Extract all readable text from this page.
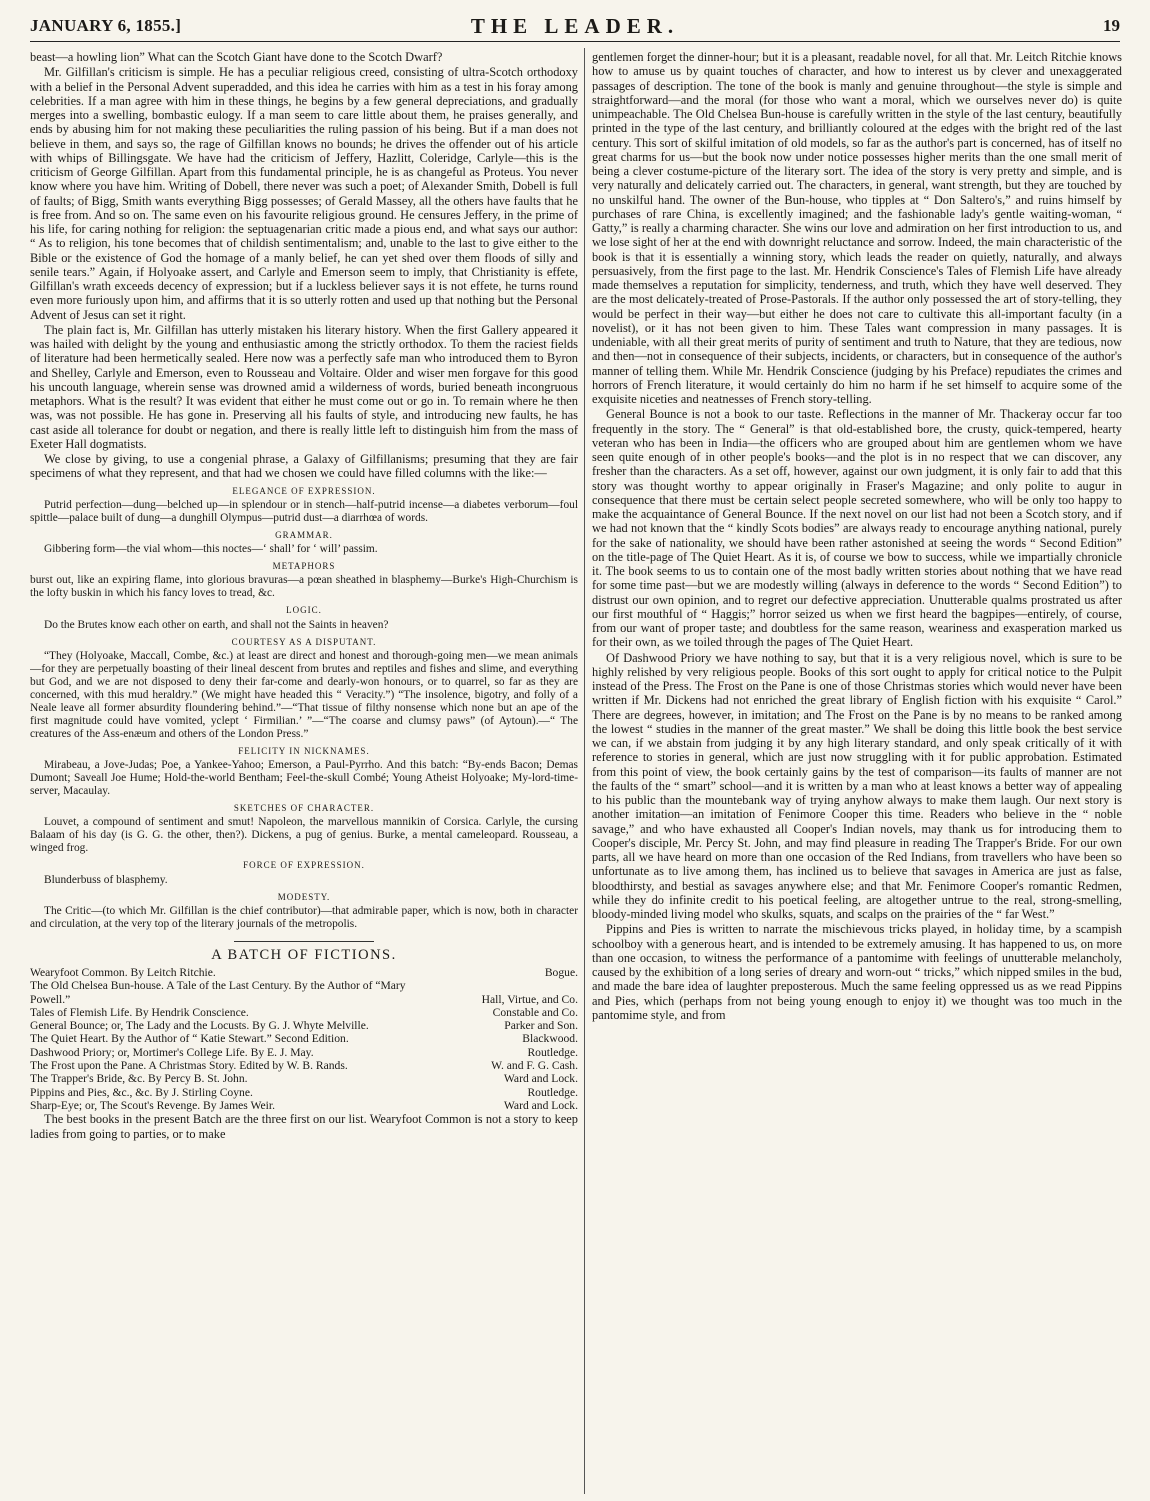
JANUARY 6, 1855.]	THE LEADER.	19

beast—a howling lion” What can the Scotch Giant have done to the Scotch Dwarf?

Mr. Gilfillan's criticism is simple. He has a peculiar religious creed, consisting of ultra-Scotch orthodoxy with a belief in the Personal Advent superadded, and this idea he carries with him as a test in his foray among celebrities. If a man agree with him in these things, he begins by a few general depreciations, and gradually merges into a swelling, bombastic eulogy. If a man seem to care little about them, he praises generally, and ends by abusing him for not making these peculiarities the ruling passion of his being. But if a man does not believe in them, and says so, the rage of Gilfillan knows no bounds; he drives the offender out of his article with whips of Billingsgate. We have had the criticism of Jeffery, Hazlitt, Coleridge, Carlyle—this is the criticism of George Gilfillan. Apart from this fundamental principle, he is as changeful as Proteus. You never know where you have him. Writing of Dobell, there never was such a poet; of Alexander Smith, Dobell is full of faults; of Bigg, Smith wants everything Bigg possesses; of Gerald Massey, all the others have faults that he is free from. And so on. The same even on his favourite religious ground. He censures Jeffery, in the prime of his life, for caring nothing for religion: the septuagenarian critic made a pious end, and what says our author: “ As to religion, his tone becomes that of childish sentimentalism; and, unable to the last to give either to the Bible or the existence of God the homage of a manly belief, he can yet shed over them floods of silly and senile tears.” Again, if Holyoake assert, and Carlyle and Emerson seem to imply, that Christianity is effete, Gilfillan's wrath exceeds decency of expression; but if a luckless believer says it is not effete, he turns round even more furiously upon him, and affirms that it is so utterly rotten and used up that nothing but the Personal Advent of Jesus can set it right.

The plain fact is, Mr. Gilfillan has utterly mistaken his literary history. When the first Gallery appeared it was hailed with delight by the young and enthusiastic among the strictly orthodox. To them the raciest fields of literature had been hermetically sealed. Here now was a perfectly safe man who introduced them to Byron and Shelley, Carlyle and Emerson, even to Rousseau and Voltaire. Older and wiser men forgave for this good his uncouth language, wherein sense was drowned amid a wilderness of words, buried beneath incongruous metaphors. What is the result? It was evident that either he must come out or go in. To remain where he then was, was not possible. He has gone in. Preserving all his faults of style, and introducing new faults, he has cast aside all tolerance for doubt or negation, and there is really little left to distinguish him from the mass of Exeter Hall dogmatists.

We close by giving, to use a congenial phrase, a Galaxy of Gilfillanisms; presuming that they are fair specimens of what they represent, and that had we chosen we could have filled columns with the like:—

ELEGANCE OF EXPRESSION.

Putrid perfection—dung—belched up—in splendour or in stench—half-putrid incense—a diabetes verborum—foul spittle—palace built of dung—a dunghill Olympus—putrid dust—a diarrhœa of words.

GRAMMAR.

Gibbering form—the vial whom—this noctes—‘ shall’ for ‘ will’ passim.

METAPHORS

burst out, like an expiring flame, into glorious bravuras—a pœan sheathed in blasphemy—Burke's High-Churchism is the lofty buskin in which his fancy loves to tread, &c.

LOGIC.

Do the Brutes know each other on earth, and shall not the Saints in heaven?

COURTESY AS A DISPUTANT.

“They (Holyoake, Maccall, Combe, &c.) at least are direct and honest and thorough-going men—we mean animals—for they are perpetually boasting of their lineal descent from brutes and reptiles and fishes and slime, and everything but God, and we are not disposed to deny their far-come and dearly-won honours, or to quarrel, so far as they are concerned, with this mud heraldry.” (We might have headed this “ Veracity.”) “The insolence, bigotry, and folly of a Neale leave all former absurdity floundering behind.”—“That tissue of filthy nonsense which none but an ape of the first magnitude could have vomited, yclept ‘ Firmilian.’ ”—“The coarse and clumsy paws” (of Aytoun).—“ The creatures of the Ass-enæum and others of the London Press.”

FELICITY IN NICKNAMES.

Mirabeau, a Jove-Judas; Poe, a Yankee-Yahoo; Emerson, a Paul-Pyrrho. And this batch: “By-ends Bacon; Demas Dumont; Saveall Joe Hume; Hold-the-world Bentham; Feel-the-skull Combé; Young Atheist Holyoake; My-lord-time-server, Macaulay.

SKETCHES OF CHARACTER.

Louvet, a compound of sentiment and smut! Napoleon, the marvellous mannikin of Corsica. Carlyle, the cursing Balaam of his day (is G. G. the other, then?). Dickens, a pug of genius. Burke, a mental cameleopard. Rousseau, a winged frog.

FORCE OF EXPRESSION.

Blunderbuss of blasphemy.

MODESTY.

The Critic—(to which Mr. Gilfillan is the chief contributor)—that admirable paper, which is now, both in character and circulation, at the very top of the literary journals of the metropolis.

A BATCH OF FICTIONS.
Wearyfoot Common. By Leitch Ritchie.	Bogue.
The Old Chelsea Bun-house. A Tale of the Last Century. By the Author of “Mary Powell.”	Hall, Virtue, and Co.
Tales of Flemish Life. By Hendrik Conscience.	Constable and Co.
General Bounce; or, The Lady and the Locusts. By G. J. Whyte Melville.	Parker and Son.
The Quiet Heart. By the Author of “ Katie Stewart.” Second Edition.	Blackwood.
Dashwood Priory; or, Mortimer's College Life. By E. J. May.	Routledge.
The Frost upon the Pane. A Christmas Story. Edited by W. B. Rands.	W. and F. G. Cash.
The Trapper's Bride, &c. By Percy B. St. John.	Ward and Lock.
Pippins and Pies, &c., &c. By J. Stirling Coyne.	Routledge.
Sharp-Eye; or, The Scout's Revenge. By James Weir.	Ward and Lock.

The best books in the present Batch are the three first on our list. Wearyfoot Common is not a story to keep ladies from going to parties, or to make

gentlemen forget the dinner-hour; but it is a pleasant, readable novel, for all that. Mr. Leitch Ritchie knows how to amuse us by quaint touches of character, and how to interest us by clever and unexaggerated passages of description. The tone of the book is manly and genuine throughout—the style is simple and straightforward—and the moral (for those who want a moral, which we ourselves never do) is quite unimpeachable. The Old Chelsea Bun-house is carefully written in the style of the last century, beautifully printed in the type of the last century, and brilliantly coloured at the edges with the bright red of the last century. This sort of skilful imitation of old models, so far as the author's part is concerned, has of itself no great charms for us—but the book now under notice possesses higher merits than the one small merit of being a clever costume-picture of the literary sort. The idea of the story is very pretty and simple, and is very naturally and delicately carried out. The characters, in general, want strength, but they are touched by no unskilful hand. The owner of the Bun-house, who tipples at “ Don Saltero's,” and ruins himself by purchases of rare China, is excellently imagined; and the fashionable lady's gentle waiting-woman, “ Gatty,” is really a charming character. She wins our love and admiration on her first introduction to us, and we lose sight of her at the end with downright reluctance and sorrow. Indeed, the main characteristic of the book is that it is essentially a winning story, which leads the reader on quietly, naturally, and always persuasively, from the first page to the last. Mr. Hendrik Conscience's Tales of Flemish Life have already made themselves a reputation for simplicity, tenderness, and truth, which they have well deserved. They are the most delicately-treated of Prose-Pastorals. If the author only possessed the art of story-telling, they would be perfect in their way—but either he does not care to cultivate this all-important faculty (in a novelist), or it has not been given to him. These Tales want compression in many passages. It is undeniable, with all their great merits of purity of sentiment and truth to Nature, that they are tedious, now and then—not in consequence of their subjects, incidents, or characters, but in consequence of the author's manner of telling them. While Mr. Hendrik Conscience (judging by his Preface) repudiates the crimes and horrors of French literature, it would certainly do him no harm if he set himself to acquire some of the exquisite niceties and neatnesses of French story-telling.

General Bounce is not a book to our taste. Reflections in the manner of Mr. Thackeray occur far too frequently in the story. The “ General” is that old-established bore, the crusty, quick-tempered, hearty veteran who has been in India—the officers who are grouped about him are gentlemen whom we have seen quite enough of in other people's books—and the plot is in no respect that we can discover, any fresher than the characters. As a set off, however, against our own judgment, it is only fair to add that this story was thought worthy to appear originally in Fraser's Magazine; and only polite to augur in consequence that there must be certain select people secreted somewhere, who will be only too happy to make the acquaintance of General Bounce. If the next novel on our list had not been a Scotch story, and if we had not known that the “ kindly Scots bodies” are always ready to encourage anything national, purely for the sake of nationality, we should have been rather astonished at seeing the words “ Second Edition” on the title-page of The Quiet Heart. As it is, of course we bow to success, while we impartially chronicle it. The book seems to us to contain one of the most badly written stories about nothing that we have read for some time past—but we are modestly willing (always in deference to the words “ Second Edition”) to distrust our own opinion, and to regret our defective appreciation. Unutterable qualms prostrated us after our first mouthful of “ Haggis;” horror seized us when we first heard the bagpipes—entirely, of course, from our want of proper taste; and doubtless for the same reason, weariness and exasperation marked us for their own, as we toiled through the pages of The Quiet Heart.

Of Dashwood Priory we have nothing to say, but that it is a very religious novel, which is sure to be highly relished by very religious people. Books of this sort ought to apply for critical notice to the Pulpit instead of the Press. The Frost on the Pane is one of those Christmas stories which would never have been written if Mr. Dickens had not enriched the great library of English fiction with his exquisite “ Carol.” There are degrees, however, in imitation; and The Frost on the Pane is by no means to be ranked among the lowest “ studies in the manner of the great master.” We shall be doing this little book the best service we can, if we abstain from judging it by any high literary standard, and only speak critically of it with reference to stories in general, which are just now struggling with it for public approbation. Estimated from this point of view, the book certainly gains by the test of comparison—its faults of manner are not the faults of the “ smart” school—and it is written by a man who at least knows a better way of appealing to his public than the mountebank way of trying anyhow always to make them laugh. Our next story is another imitation—an imitation of Fenimore Cooper this time. Readers who believe in the “ noble savage,” and who have exhausted all Cooper's Indian novels, may thank us for introducing them to Cooper's disciple, Mr. Percy St. John, and may find pleasure in reading The Trapper's Bride. For our own parts, all we have heard on more than one occasion of the Red Indians, from travellers who have been so unfortunate as to live among them, has inclined us to believe that savages in America are just as false, bloodthirsty, and bestial as savages anywhere else; and that Mr. Fenimore Cooper's romantic Redmen, while they do infinite credit to his poetical feeling, are altogether untrue to the real, strong-smelling, bloody-minded living model who skulks, squats, and scalps on the prairies of the “ far West.”

Pippins and Pies is written to narrate the mischievous tricks played, in holiday time, by a scampish schoolboy with a generous heart, and is intended to be extremely amusing. It has happened to us, on more than one occasion, to witness the performance of a pantomime with feelings of unutterable melancholy, caused by the exhibition of a long series of dreary and worn-out “ tricks,” which nipped smiles in the bud, and made the bare idea of laughter preposterous. Much the same feeling oppressed us as we read Pippins and Pies, which (perhaps from not being young enough to enjoy it) we thought was too much in the pantomime style, and from
